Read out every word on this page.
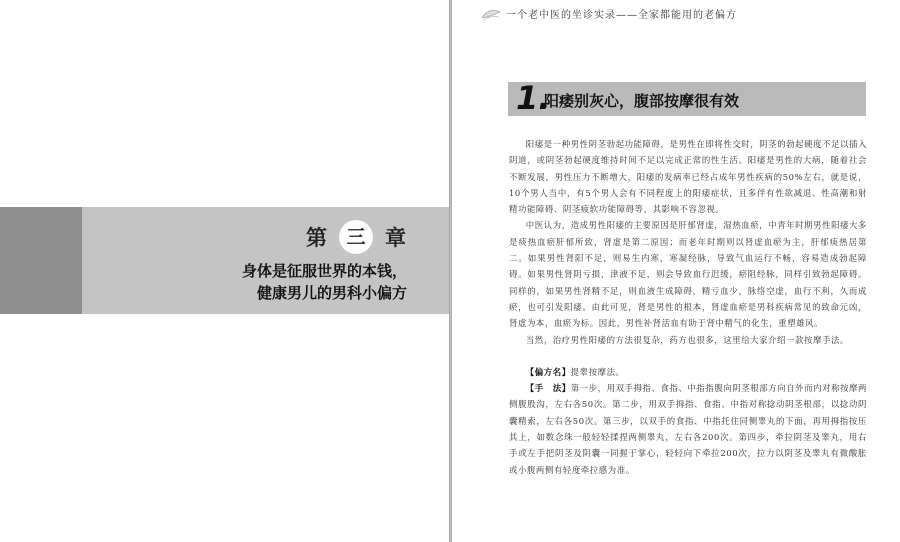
第	三 章
身体是征服世界的本钱，
健康男儿的男科小偏方
一个老中医的坐诊实录——全家都能用的老偏方
1.
阳痿别灰心，腹部按摩很有效

阳痿是一种男性阴茎勃起功能障碍，是男性在即将性交时，阴茎的勃起硬度不足以插入阴道，或阴茎勃起硬度维持时间不足以完成正常的性生活。阳痿是男性的大病，随着社会不断发展，男性压力不断增大，阳痿的发病率已经占成年男性疾病的50%左右，就是说，10个男人当中，有5个男人会有不同程度上的阳痿症状，且多伴有性欲减退、性高潮和射精功能障碍、阴茎疲软功能障碍等，其影响不容忽视。

中医认为，造成男性阳痿的主要原因是肝郁肾虚，湿热血瘀，中青年时期男性阳痿大多是痰热血瘀肝郁所致，肾虚是第二原因；而老年时期则以肾虚血瘀为主，肝郁痰热居第二。如果男性肾阳不足，则易生内寒，寒凝经脉，导致气血运行不畅，容易造成勃起障碍。如果男性肾阴亏损，津液不足，则会导致血行迟缓，瘀阻经脉，同样引致勃起障碍。同样的，如果男性肾精不足，则血液生成障碍，精亏血少，脉络空虚，血行不利，久而成瘀，也可引发阳痿。由此可见，肾是男性的根本，肾虚血瘀是男科疾病常见的致命元凶，肾虚为本，血瘀为标。因此，男性补肾活血有助于肾中精气的化生，重塑雄风。

当然，治疗男性阳痿的方法很复杂，药方也很多，这里给大家介绍一款按摩手法。

【偏方名】提睾按摩法。

【手　法】第一步，用双手拇指、食指、中指指腹向阴茎根部方向自外而内对称按摩两侧腹股沟，左右各50次。第二步，用双手拇指、食指、中指对称捻动阴茎根部，以捻动阴囊精索，左右各50次。第三步，以双手的食指、中指托住同侧睾丸的下面，再用拇指按压其上，如数念珠一般轻轻揉捏两侧睾丸，左右各200次。第四步，牵拉阴茎及睾丸，用右手或左手把阴茎及阴囊一同握于掌心，轻轻向下牵拉200次，拉力以阴茎及睾丸有微酸胀或小腹两侧有轻度牵拉感为准。
